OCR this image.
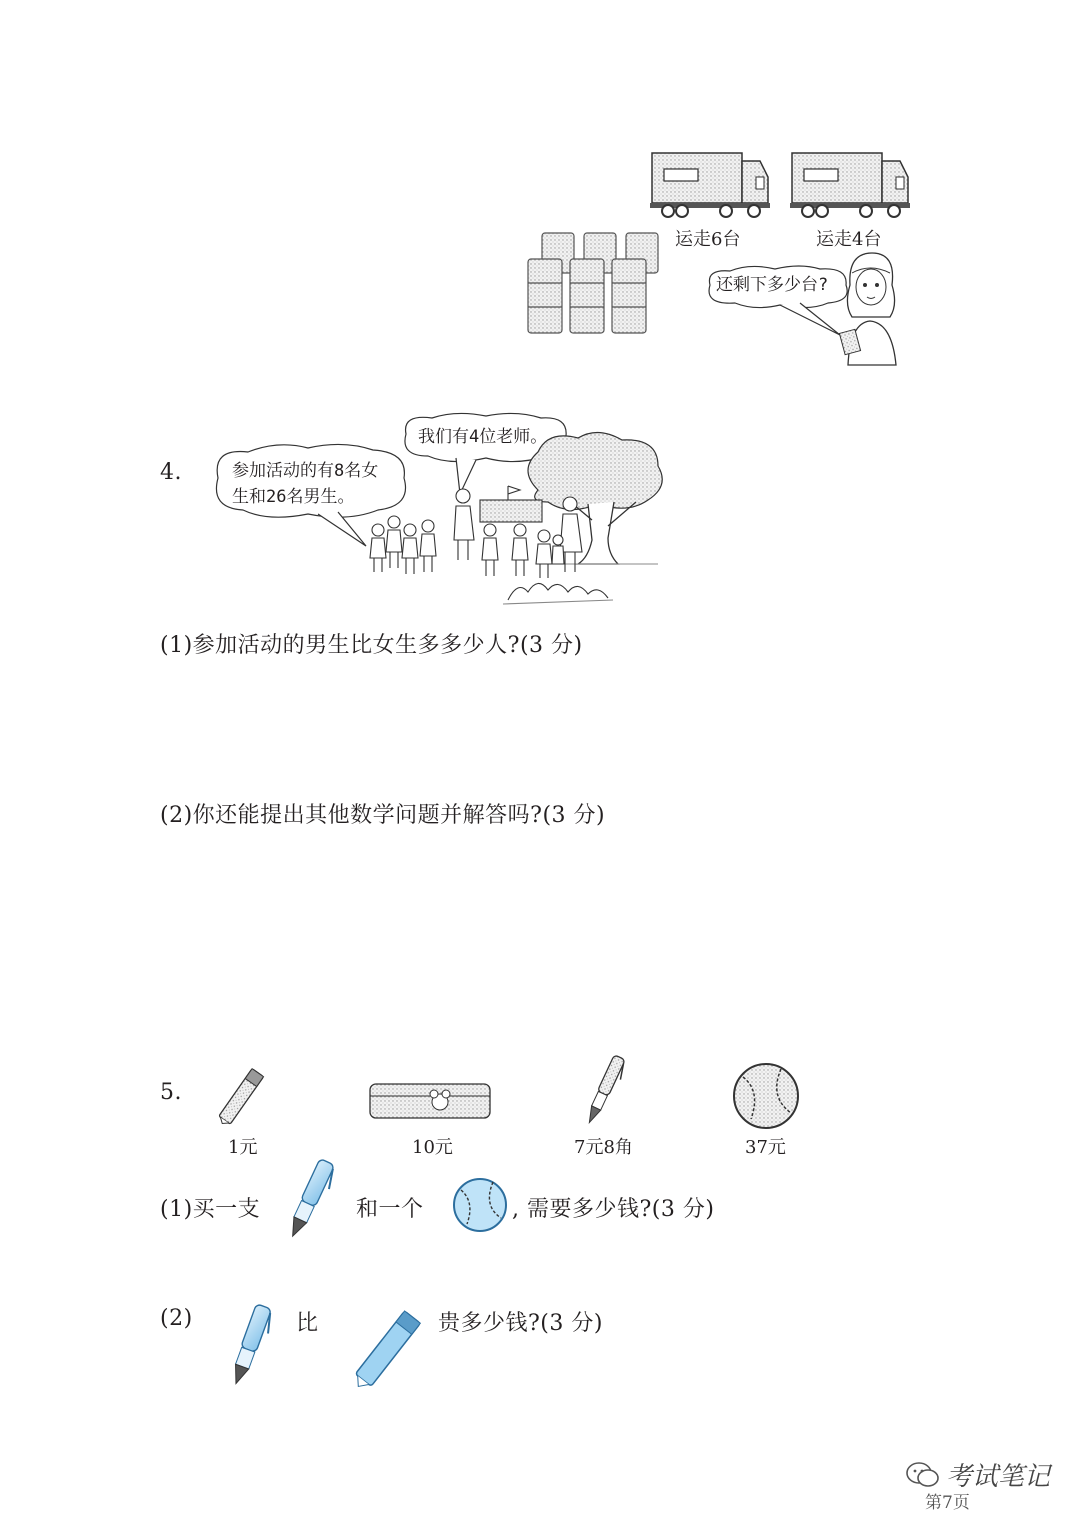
运走6台	运走4台
还剩下多少台?
4.	参加活动的有8名女
生和26名男生。
我们有4位老师。
(1)参加活动的男生比女生多多少人?(3 分)
(2)你还能提出其他数学问题并解答吗?(3 分)
5.
1元	10元	7元8角	37元
(1)买一支	和一个	, 需要多少钱?(3 分)
(2)	比	贵多少钱?(3 分)
第7页
考试笔记
